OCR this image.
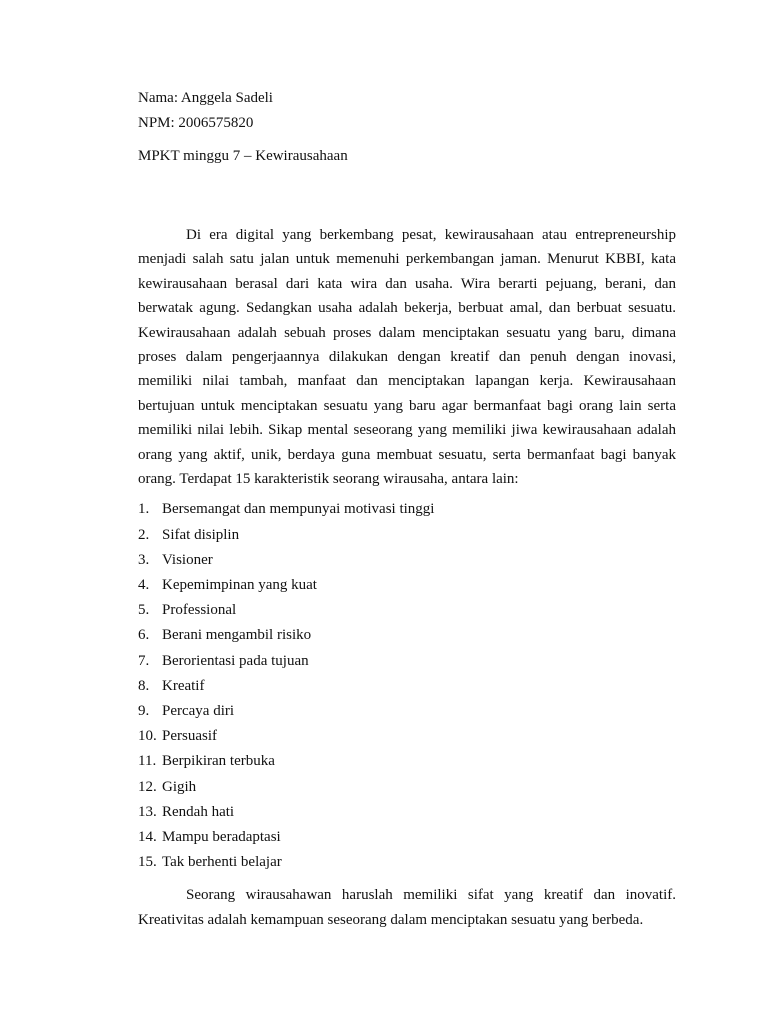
Nama: Anggela Sadeli

NPM: 2006575820

MPKT minggu 7 – Kewirausahaan

Di era digital yang berkembang pesat, kewirausahaan atau entrepreneurship menjadi salah satu jalan untuk memenuhi perkembangan jaman. Menurut KBBI, kata kewirausahaan berasal dari kata wira dan usaha. Wira berarti pejuang, berani, dan berwatak agung. Sedangkan usaha adalah bekerja, berbuat amal, dan berbuat sesuatu. Kewirausahaan adalah sebuah proses dalam menciptakan sesuatu yang baru, dimana proses dalam pengerjaannya dilakukan dengan kreatif dan penuh dengan inovasi, memiliki nilai tambah, manfaat dan menciptakan lapangan kerja. Kewirausahaan bertujuan untuk menciptakan sesuatu yang baru agar bermanfaat bagi orang lain serta memiliki nilai lebih. Sikap mental seseorang yang memiliki jiwa kewirausahaan adalah orang yang aktif, unik, berdaya guna membuat sesuatu, serta bermanfaat bagi banyak orang. Terdapat 15 karakteristik seorang wirausaha, antara lain:

1. Bersemangat dan mempunyai motivasi tinggi
2. Sifat disiplin
3. Visioner
4. Kepemimpinan yang kuat
5. Professional
6. Berani mengambil risiko
7. Berorientasi pada tujuan
8. Kreatif
9. Percaya diri
10. Persuasif
11. Berpikiran terbuka
12. Gigih
13. Rendah hati
14. Mampu beradaptasi
15. Tak berhenti belajar

Seorang wirausahawan haruslah memiliki sifat yang kreatif dan inovatif. Kreativitas adalah kemampuan seseorang dalam menciptakan sesuatu yang berbeda.
